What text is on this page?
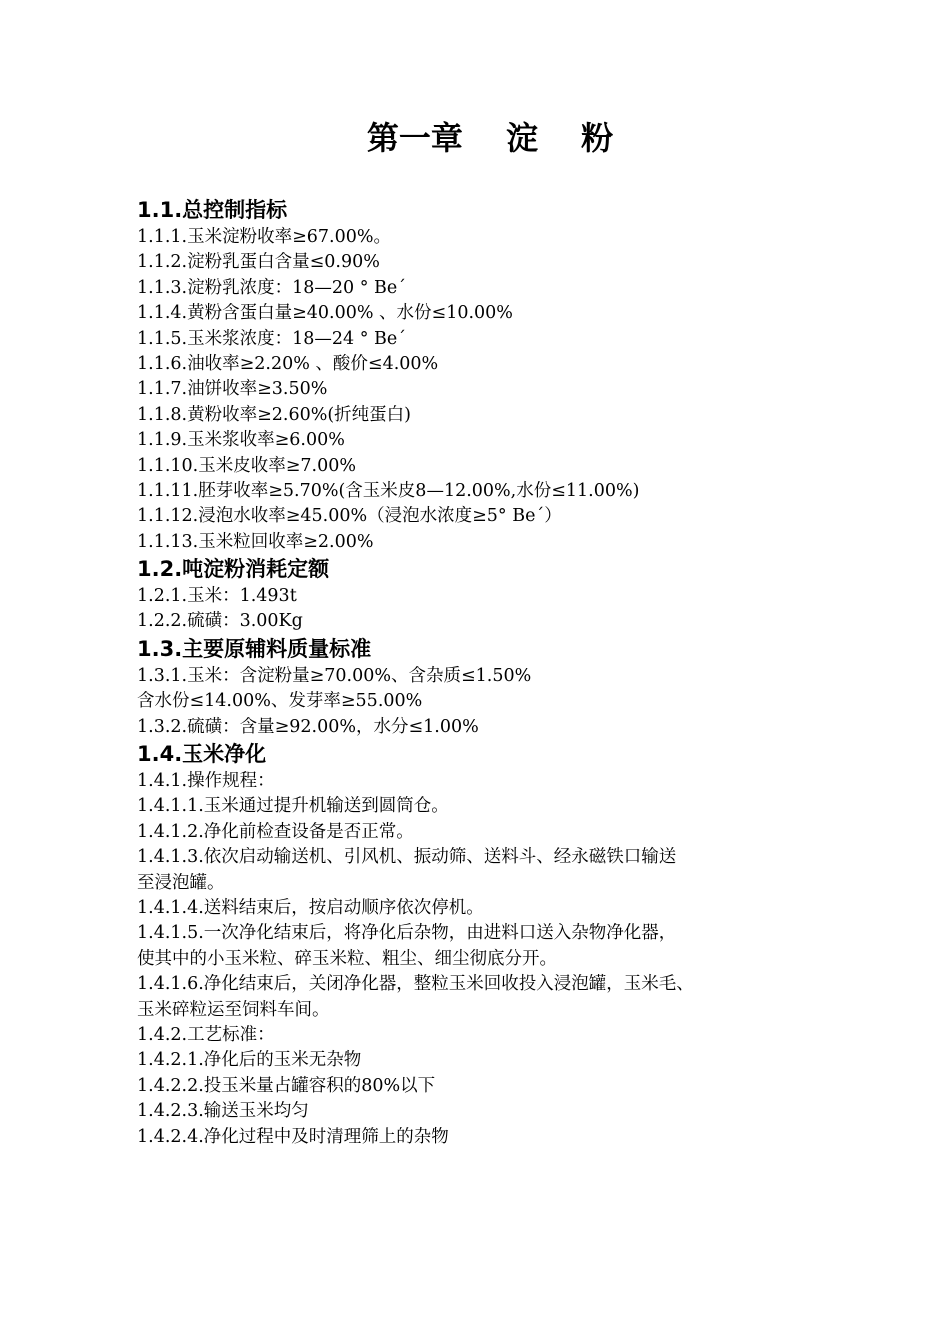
第一章　 淀　 粉
1.1.总控制指标
1.1.1.玉米淀粉收率≥67.00%。
1.1.2.淀粉乳蛋白含量≤0.90%
1.1.3.淀粉乳浓度：18—20 ° Be´
1.1.4.黄粉含蛋白量≥40.00% 、水份≤10.00%
1.1.5.玉米浆浓度：18—24 ° Be´
1.1.6.油收率≥2.20% 、酸价≤4.00%
1.1.7.油饼收率≥3.50%
1.1.8.黄粉收率≥2.60%(折纯蛋白)
1.1.9.玉米浆收率≥6.00%
1.1.10.玉米皮收率≥7.00%
1.1.11.胚芽收率≥5.70%(含玉米皮8—12.00%,水份≤11.00%)
1.1.12.浸泡水收率≥45.00%（浸泡水浓度≥5° Be´）
1.1.13.玉米粒回收率≥2.00%
1.2.吨淀粉消耗定额
1.2.1.玉米：1.493t
1.2.2.硫磺：3.00Kg
1.3.主要原辅料质量标准
1.3.1.玉米：含淀粉量≥70.00%、含杂质≤1.50%
含水份≤14.00%、发芽率≥55.00%
1.3.2.硫磺：含量≥92.00%，水分≤1.00%
1.4.玉米净化
1.4.1.操作规程：
1.4.1.1.玉米通过提升机输送到圆筒仓。
1.4.1.2.净化前检查设备是否正常。
1.4.1.3.依次启动输送机、引风机、振动筛、送料斗、经永磁铁口输送
至浸泡罐。
1.4.1.4.送料结束后，按启动顺序依次停机。
1.4.1.5.一次净化结束后，将净化后杂物，由进料口送入杂物净化器，
使其中的小玉米粒、碎玉米粒、粗尘、细尘彻底分开。
1.4.1.6.净化结束后，关闭净化器，整粒玉米回收投入浸泡罐，玉米毛、
玉米碎粒运至饲料车间。
1.4.2.工艺标准：
1.4.2.1.净化后的玉米无杂物
1.4.2.2.投玉米量占罐容积的80%以下
1.4.2.3.输送玉米均匀
1.4.2.4.净化过程中及时清理筛上的杂物
